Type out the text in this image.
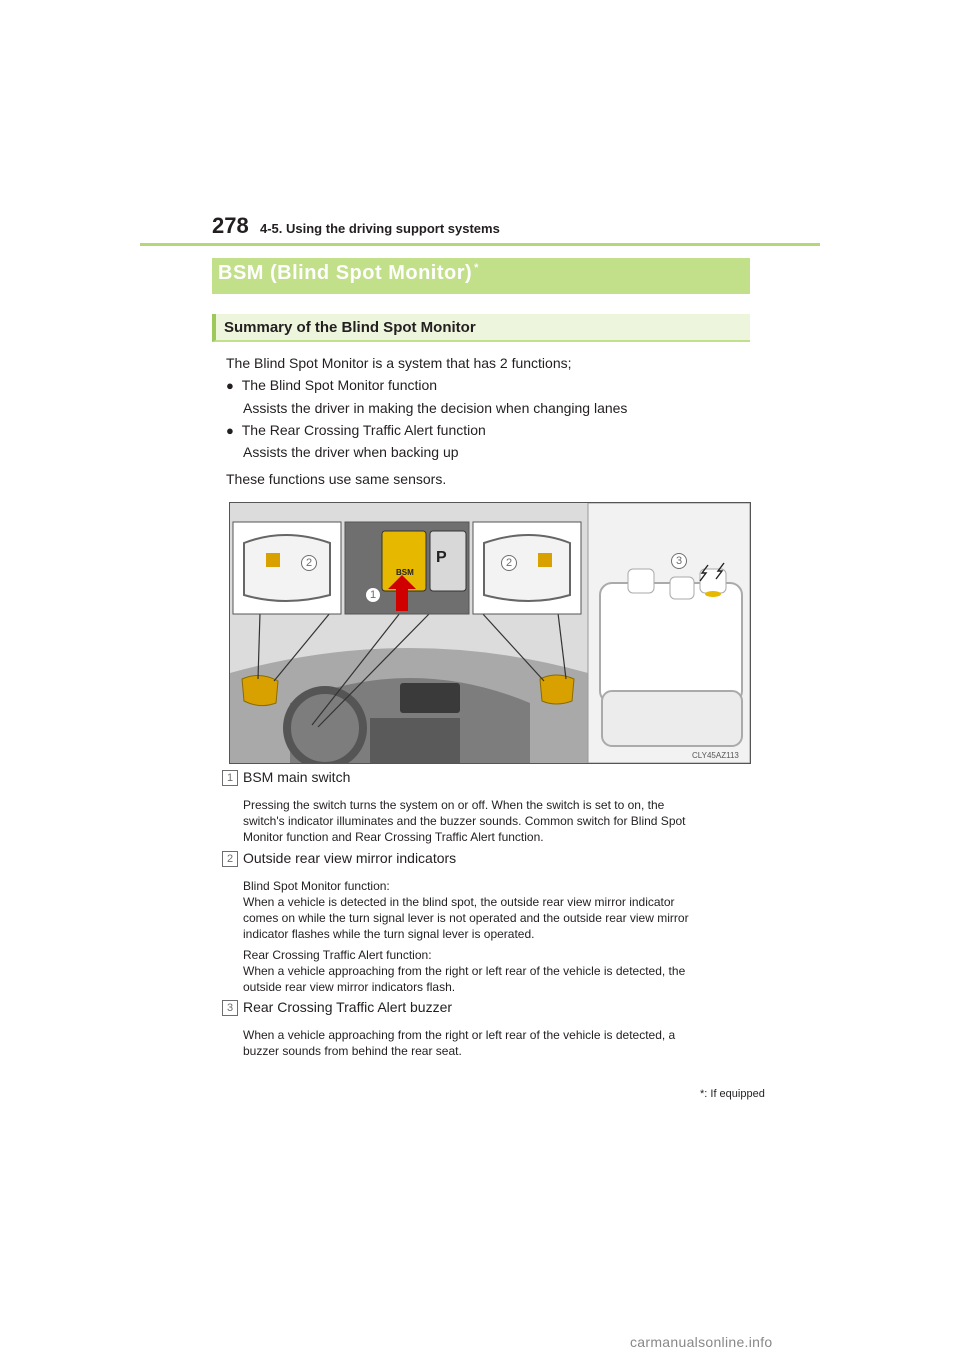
278 4-5. Using the driving support systems
BSM (Blind Spot Monitor) *
Summary of the Blind Spot Monitor
The Blind Spot Monitor is a system that has 2 functions;
● The Blind Spot Monitor function
Assists the driver in making the decision when changing lanes
● The Rear Crossing Traffic Alert function
Assists the driver when backing up
These functions use same sensors.
BSM
P
CLY45AZ113
1
2	2	3
1 BSM main switch
Pressing the switch turns the system on or off. When the switch is set to on, the
switch's indicator illuminates and the buzzer sounds. Common switch for Blind Spot
Monitor function and Rear Crossing Traffic Alert function.
2 Outside rear view mirror indicators
Blind Spot Monitor function:
When a vehicle is detected in the blind spot, the outside rear view mirror indicator
comes on while the turn signal lever is not operated and the outside rear view mirror
indicator flashes while the turn signal lever is operated.
Rear Crossing Traffic Alert function:
When a vehicle approaching from the right or left rear of the vehicle is detected, the
outside rear view mirror indicators flash.
3 Rear Crossing Traffic Alert buzzer
When a vehicle approaching from the right or left rear of the vehicle is detected, a
buzzer sounds from behind the rear seat.
*: If equipped
carmanualsonline.info
